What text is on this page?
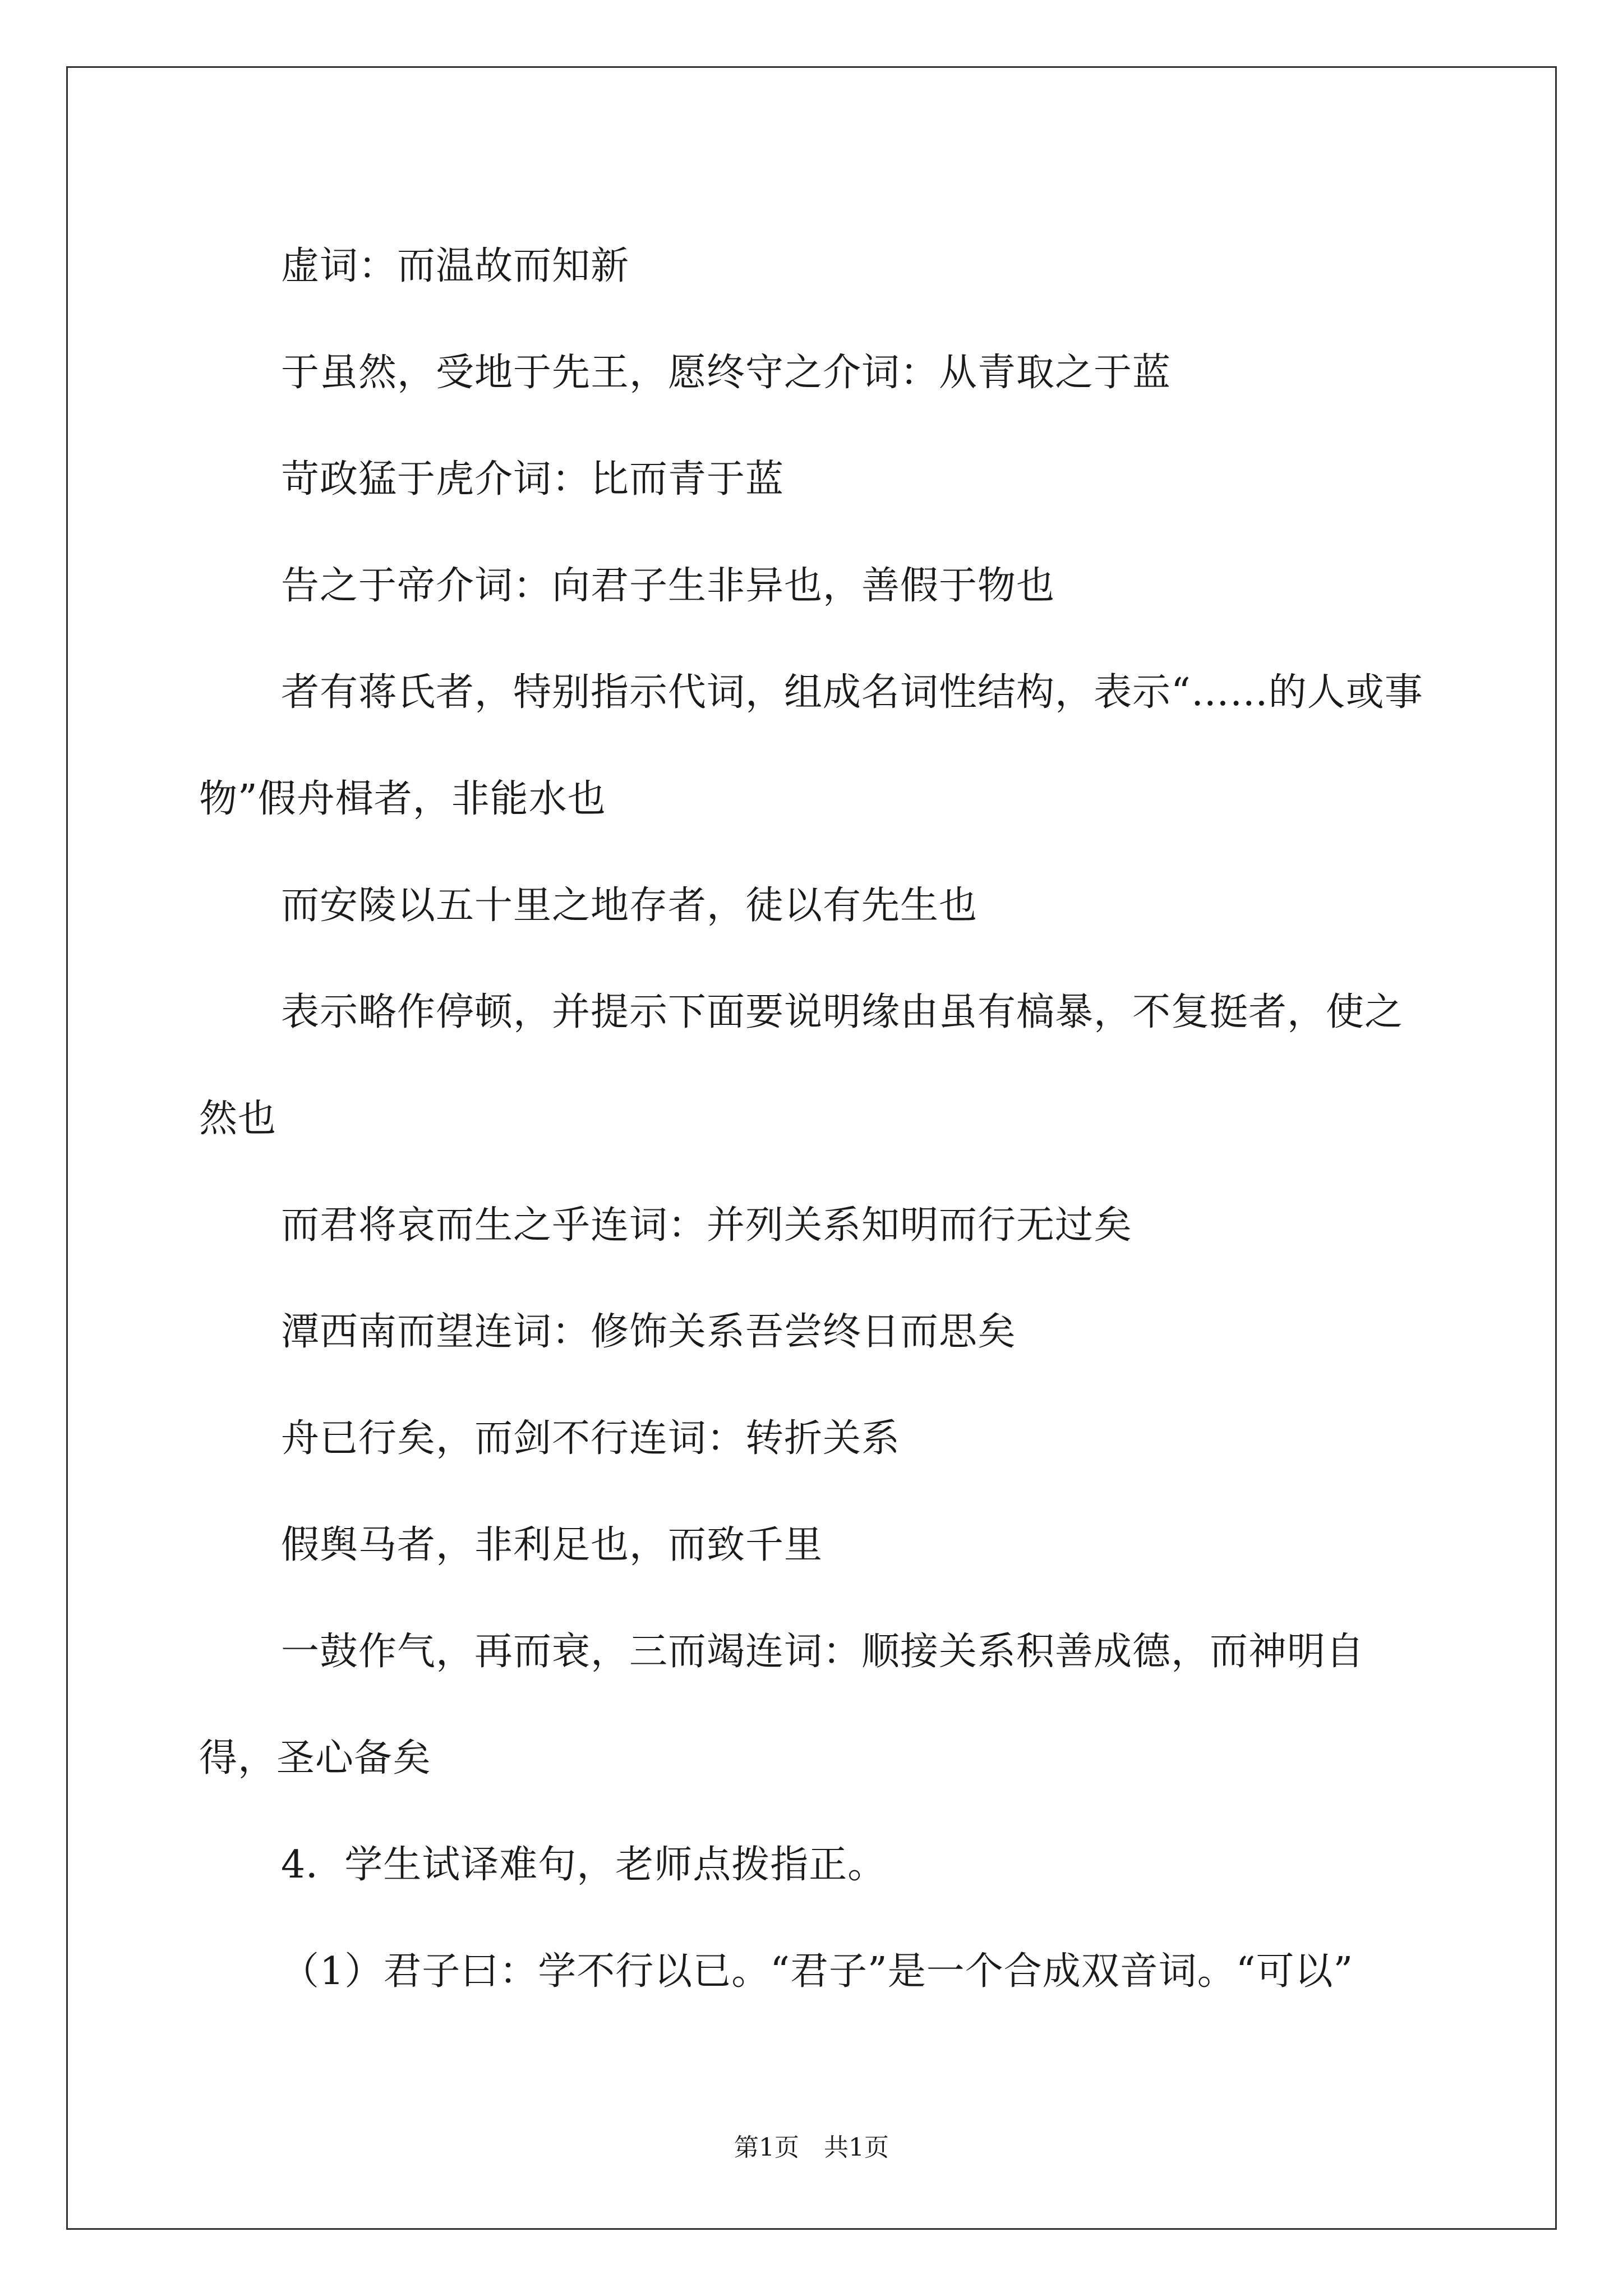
虚词：而温故而知新

于虽然，受地于先王，愿终守之介词：从青取之于蓝

苛政猛于虎介词：比而青于蓝

告之于帝介词：向君子生非异也，善假于物也

者有蒋氏者，特别指示代词，组成名词性结构，表示“……的人或事物”假舟楫者，非能水也

而安陵以五十里之地存者，徒以有先生也

表示略作停顿，并提示下面要说明缘由虽有槁暴，不复挺者，使之然也

而君将哀而生之乎连词：并列关系知明而行无过矣

潭西南而望连词：修饰关系吾尝终日而思矣

舟已行矣，而剑不行连词：转折关系

假舆马者，非利足也，而致千里

一鼓作气，再而衰，三而竭连词：顺接关系积善成德，而神明自得，圣心备矣

4．学生试译难句，老师点拨指正。

（1）君子曰：学不行以已。“君子”是一个合成双音词。“可以”

第1页　共1页
